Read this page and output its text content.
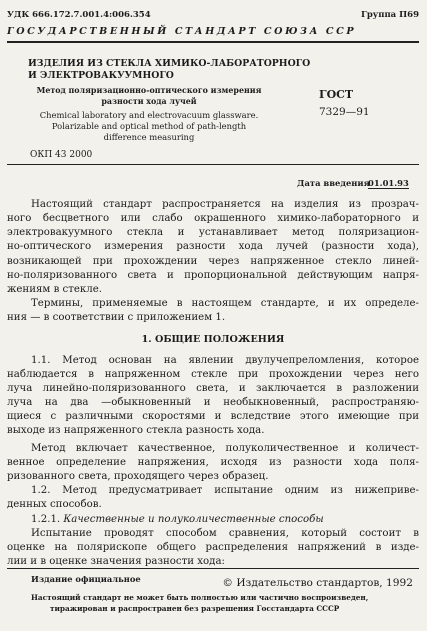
УДК 666.172.7.001.4:006.354	Группа П69
ГОСУДАРСТВЕННЫЙ СТАНДАРТ СОЮЗА ССР
ИЗДЕЛИЯ ИЗ СТЕКЛА ХИМИКО-ЛАБОРАТОРНОГО
И ЭЛЕКТРОВАКУУМНОГО
Метод поляризационно-оптического измерения
разности хода лучей
Chemical laboratory and electrovacuum glassware.
Polarizable and optical method of path-length
difference measuring
ГОСТ
7329—91
ОКП 43 2000
Дата введения
01.01.93
Настоящий стандарт распространяется на изделия из прозрач-
ного бесцветного или слабо окрашенного химико-лабораторного и
электровакуумного стекла и устанавливает метод поляризацион-
но-оптического измерения разности хода лучей (разности хода),
возникающей при прохождении через напряженное стекло линей-
но-поляризованного света и пропорциональной действующим напря-
жениям в стекле.
Термины, применяемые в настоящем стандарте, и их определе-
ния — в соответствии с приложением 1.
1. ОБЩИЕ ПОЛОЖЕНИЯ
1.1. Метод основан на явлении двулучепреломления, которое
наблюдается в напряженном стекле при прохождении через него
луча линейно-поляризованного света, и заключается в разложении
луча на два —обыкновенный и необыкновенный, распространяю-
щиеся с различными скоростями и вследствие этого имеющие при
выходе из напряженного стекла разность хода.
Метод включает качественное, полуколичественное и количест-
венное определение напряжения, исходя из разности хода поля-
ризованного света, проходящего через образец.
1.2. Метод предусматривает испытание одним из нижеприве-
денных способов.
1.2.1. Качественные и полуколичественные способы
Испытание проводят способом сравнения, который состоит в
оценке на полярископе общего распределения напряжений в изде-
лии и в оценке значения разности хода:
Издание официальное	© Издательство стандартов, 1992
Настоящий стандарт не может быть полностью или частично воспроизведен,
тиражирован и распространен без разрешения Госстандарта СССР
